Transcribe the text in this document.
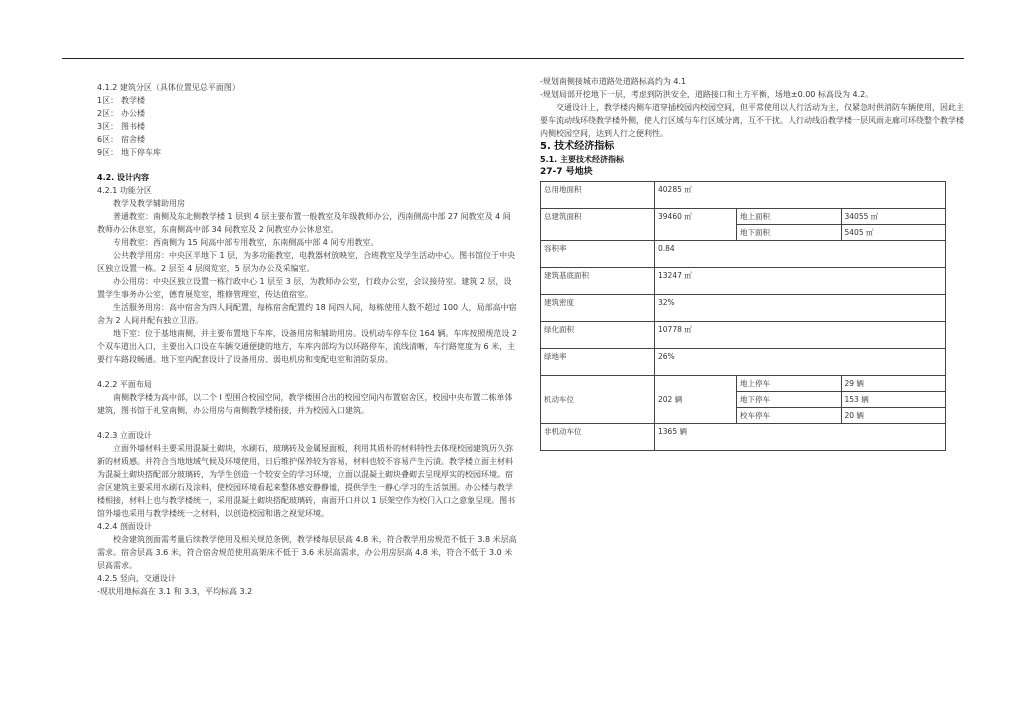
4.1.2 建筑分区（具体位置见总平面图）

1区： 教学楼
2区： 办公楼
3区： 图书楼
6区： 宿舍楼
9区： 地下停车库

4.2. 设计内容

4.2.1 功能分区

教学及教学辅助用房

普通教室：南侧及东北侧教学楼 1 层到 4 层主要布置一般教室及年级教师办公，西南侧高中部 27 间教室及 4 间教师办公休息室，东南侧高中部 34 间教室及 2 间教室办公休息室。

专用教室：西南侧为 15 间高中部专用教室，东南侧高中部 4 间专用教室。

公共教学用房：中央区半地下 1 层，为多功能教室，电教器材放映室，合班教室及学生活动中心。图书馆位于中央区独立设置一栋。2 层至 4 层阅览室，5 层为办公及采编室。

办公用房：中央区独立设置一栋行政中心 1 层至 3 层，为教师办公室，行政办公室，会议接待室。建筑 2 层，设置学生事务办公室，德育展览室，维修管理室，传达值宿室。

生活服务用房：高中宿舍为四人间配置，每栋宿舍配置约 18 间四人间，每栋使用人数不超过 100 人，局部高中宿舍为 2 人间并配有独立卫浴。

地下室：位于基地南侧，并主要布置地下车库，设备用房和辅助用房。设机动车停车位 164 辆。车库按照规范设 2 个双车道出入口，主要出入口设在车辆交通便捷的地方，车库内部均为以环路停车，流线清晰，车行路宽度为 6 米，主要行车路段畅通。地下室内配套设计了设备用房、弱电机房和变配电室和消防泵房。

4.2.2 平面布局

南侧教学楼为高中部，以二个 I 型围合校园空间，教学楼围合出的校园空间内布置宿舍区，校园中央布置二栋单体建筑，图书馆于礼堂南侧，办公用房与南侧教学楼衔接，并为校园入口建筑。

4.2.3 立面设计

立面外墙材料主要采用混凝土砌块，水刷石，玻璃砖及金属屋面板，利用其质朴的材料特性去体现校园建筑历久弥新的材质感。并符合当地地域气候及环境使用，日后维护保养较为容易，材料也较不容易产生污渍。教学楼立面主材料为混凝土砌块搭配部分玻璃砖，为学生创造一个较安全的学习环境，立面以混凝土砌块叠砌去呈现厚实的校园环境。宿舍区建筑主要采用水刷石及涂料，使校园环境看起来整体感安静静谧，提供学生一静心学习的生活氛围。办公楼与教学楼相接，材料上也与教学楼统一，采用混凝土砌块搭配玻璃砖，南面开口并以 1 层架空作为校门入口之意象呈现。图书馆外墙也采用与教学楼统一之材料，以创造校园和谐之视觉环境。

4.2.4 剖面设计

校舍建筑剖面需考量后续教学使用及相关规范条例，教学楼每层层高 4.8 米，符合教学用房规范不低于 3.8 米层高需求。宿舍层高 3.6 米，符合宿舍规范使用高架床不低于 3.6 米层高需求，办公用房层高 4.8 米，符合不低于 3.0 米层高需求。

4.2.5 竖向，交通设计

-现状用地标高在 3.1 和 3.3，平均标高 3.2

-规划南侧接城市道路处道路标高约为 4.1

-规划局部开挖地下一层，考虑到防洪安全，道路接口和土方平衡，场地±0.00 标高设为 4.2。

交通设计上，教学楼内侧车道穿插校园内校园空间，但平常使用以人行活动为主，仅紧急时供消防车辆使用，因此主要车流动线环绕教学楼外侧，使人行区域与车行区域分离，互不干扰。人行动线沿教学楼一层风雨走廊可环绕整个教学楼内侧校园空间，达到人行之便利性。

5. 技术经济指标

5.1. 主要技术经济指标

27-7 号地块

总用地面积	40285 ㎡		
总建筑面积	39460 ㎡	地上面积	34055 ㎡
		地下面积	5405 ㎡
容积率	0.84		
建筑基底面积	13247 ㎡		
建筑密度	32%		
绿化面积	10778 ㎡		
绿地率	26%		
机动车位	202 辆	地上停车	29 辆
		地下停车	153 辆
		校车停车	20 辆
非机动车位	1365 辆		
